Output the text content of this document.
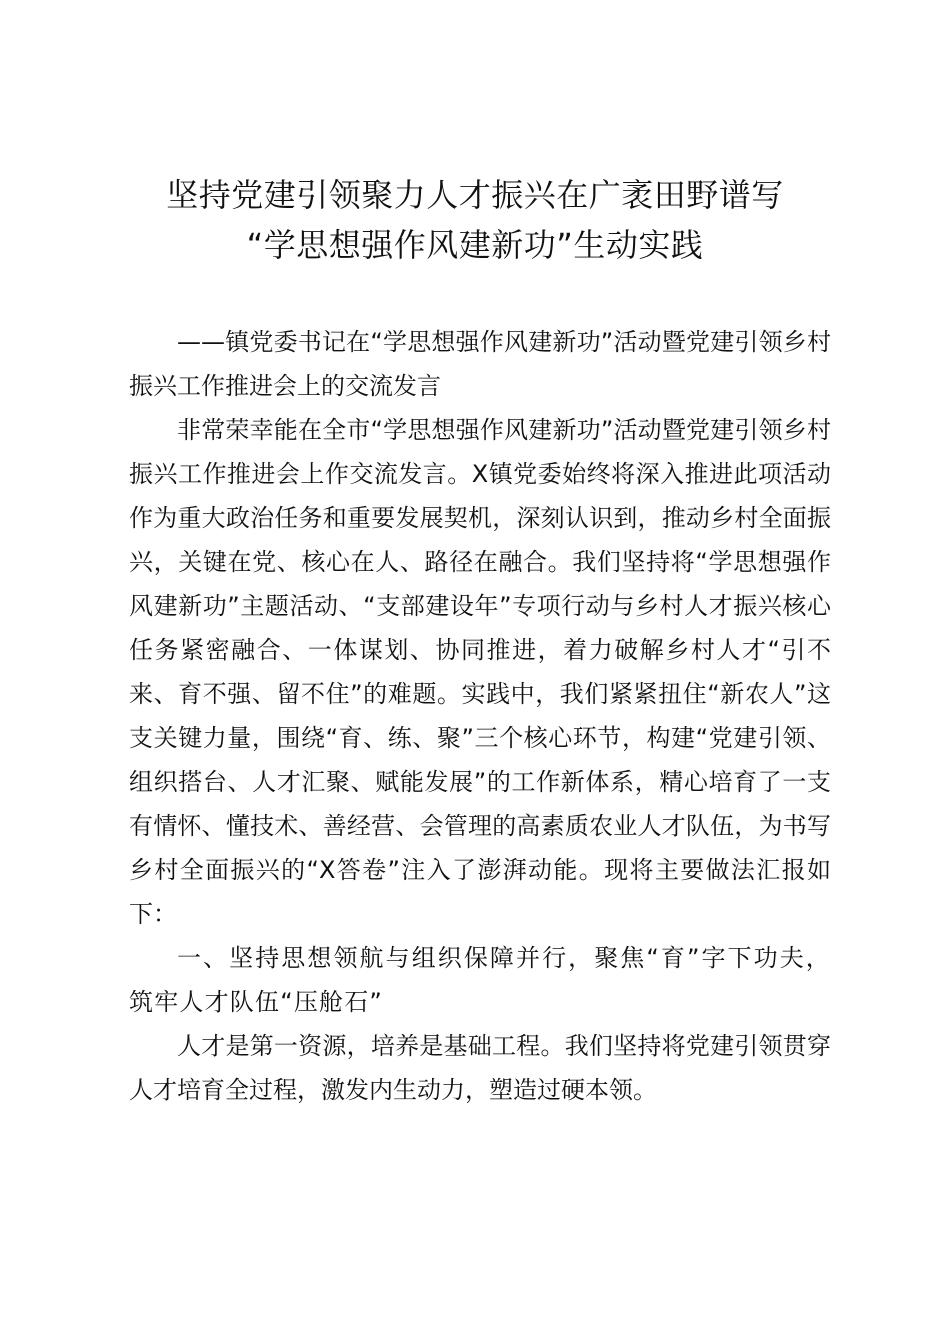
坚持党建引领聚力人才振兴在广袤田野谱写
“学思想强作风建新功”生动实践

——镇党委书记在“学思想强作风建新功”活动暨党建引领乡村振兴工作推进会上的交流发言

非常荣幸能在全市“学思想强作风建新功”活动暨党建引领乡村振兴工作推进会上作交流发言。X镇党委始终将深入推进此项活动作为重大政治任务和重要发展契机，深刻认识到，推动乡村全面振兴，关键在党、核心在人、路径在融合。我们坚持将“学思想强作风建新功”主题活动、“支部建设年”专项行动与乡村人才振兴核心任务紧密融合、一体谋划、协同推进，着力破解乡村人才“引不来、育不强、留不住”的难题。实践中，我们紧紧扭住“新农人”这支关键力量，围绕“育、练、聚”三个核心环节，构建“党建引领、组织搭台、人才汇聚、赋能发展”的工作新体系，精心培育了一支有情怀、懂技术、善经营、会管理的高素质农业人才队伍，为书写乡村全面振兴的“X答卷”注入了澎湃动能。现将主要做法汇报如下：

一、坚持思想领航与组织保障并行，聚焦“育”字下功夫，筑牢人才队伍“压舱石”

人才是第一资源，培养是基础工程。我们坚持将党建引领贯穿人才培育全过程，激发内生动力，塑造过硬本领。
